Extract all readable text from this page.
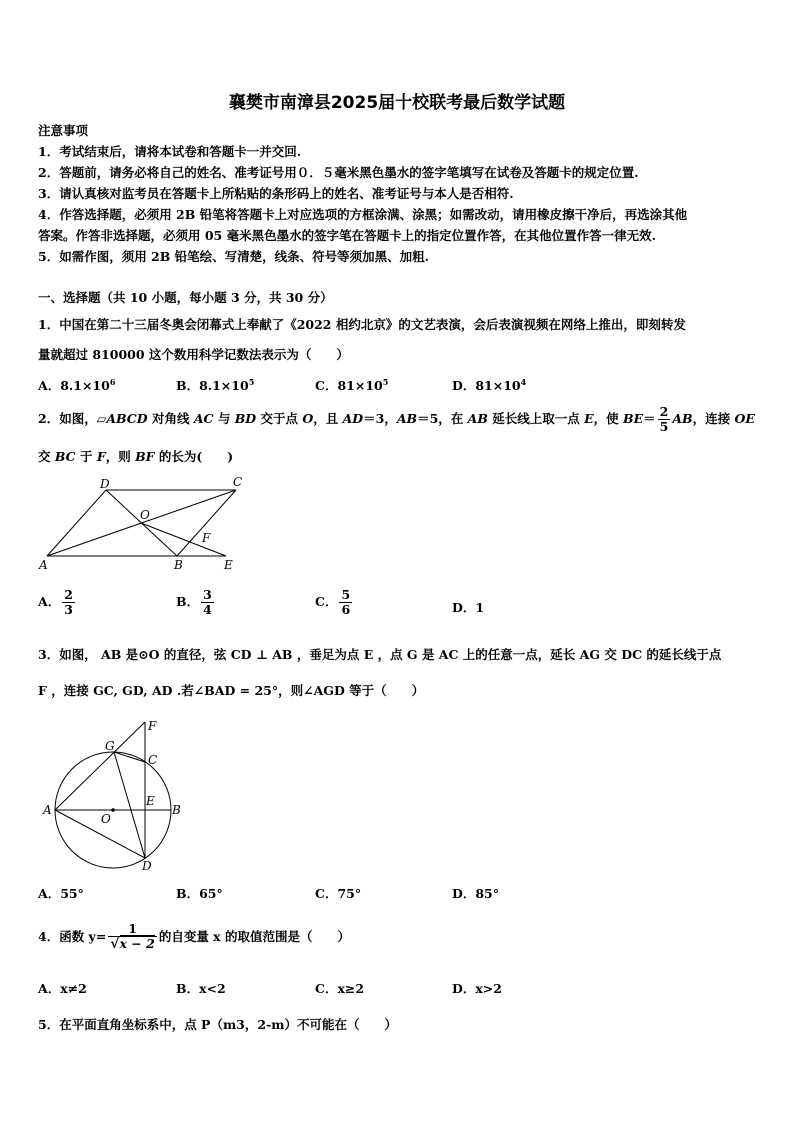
襄樊市南漳县2025届十校联考最后数学试题
注意事项
1．考试结束后，请将本试卷和答题卡一并交回.
2．答题前，请务必将自己的姓名、准考证号用０．５毫米黑色墨水的签字笔填写在试卷及答题卡的规定位置.
3．请认真核对监考员在答题卡上所粘贴的条形码上的姓名、准考证号与本人是否相符.
4．作答选择题，必须用 2B 铅笔将答题卡上对应选项的方框涂满、涂黑；如需改动，请用橡皮擦干净后，再选涂其他
答案。作答非选择题，必须用 05 毫米黑色墨水的签字笔在答题卡上的指定位置作答，在其他位置作答一律无效.
5．如需作图，须用 2B 铅笔绘、写清楚，线条、符号等须加黑、加粗.
一、选择题（共 10 小题，每小题 3 分，共 30 分）
1．中国在第二十三届冬奥会闭幕式上奉献了《2022 相约北京》的文艺表演，会后表演视频在网络上推出，即刻转发
量就超过 810000 这个数用科学记数法表示为（　　）
A．$8.1\times 10^6$	B．$8.1\times 10^5$	C．$81\times 10^5$	D．$81\times 10^4$
2．如图，▱ABCD 对角线 AC 与 BD 交于点 O，且 AD＝3，AB＝5，在 AB 延长线上取一点 E，使 $BE= \frac{2}{5}$ AB，连接 OE
交 BC 于 F，则 BF 的长为(　　)
A	B	E
D	C
O
F
A． $\frac{2}{3}$	B． $\frac{3}{4}$	C． $\frac{5}{6}$	D．1
3．如图， AB 是⊙O 的直径，弦 CD ⊥ AB ，垂足为点 E ，点 G 是 AC 上的任意一点，延长 AG 交 DC 的延长线于点
F ，连接 GC, GD, AD .若∠BAD = 25°，则∠AGD 等于（　　）
A	B
F
C
G
E
O
D
A．55°	B．65°	C．75°	D．85°
4．函数 $y= \frac{1}{√x - 2}$ 的自变量 x 的取值范围是（　　）
A．x≠2	B．x<2	C．x≥2	D．x>2
5．在平面直角坐标系中，点 P（m3，2-m）不可能在（　　）
